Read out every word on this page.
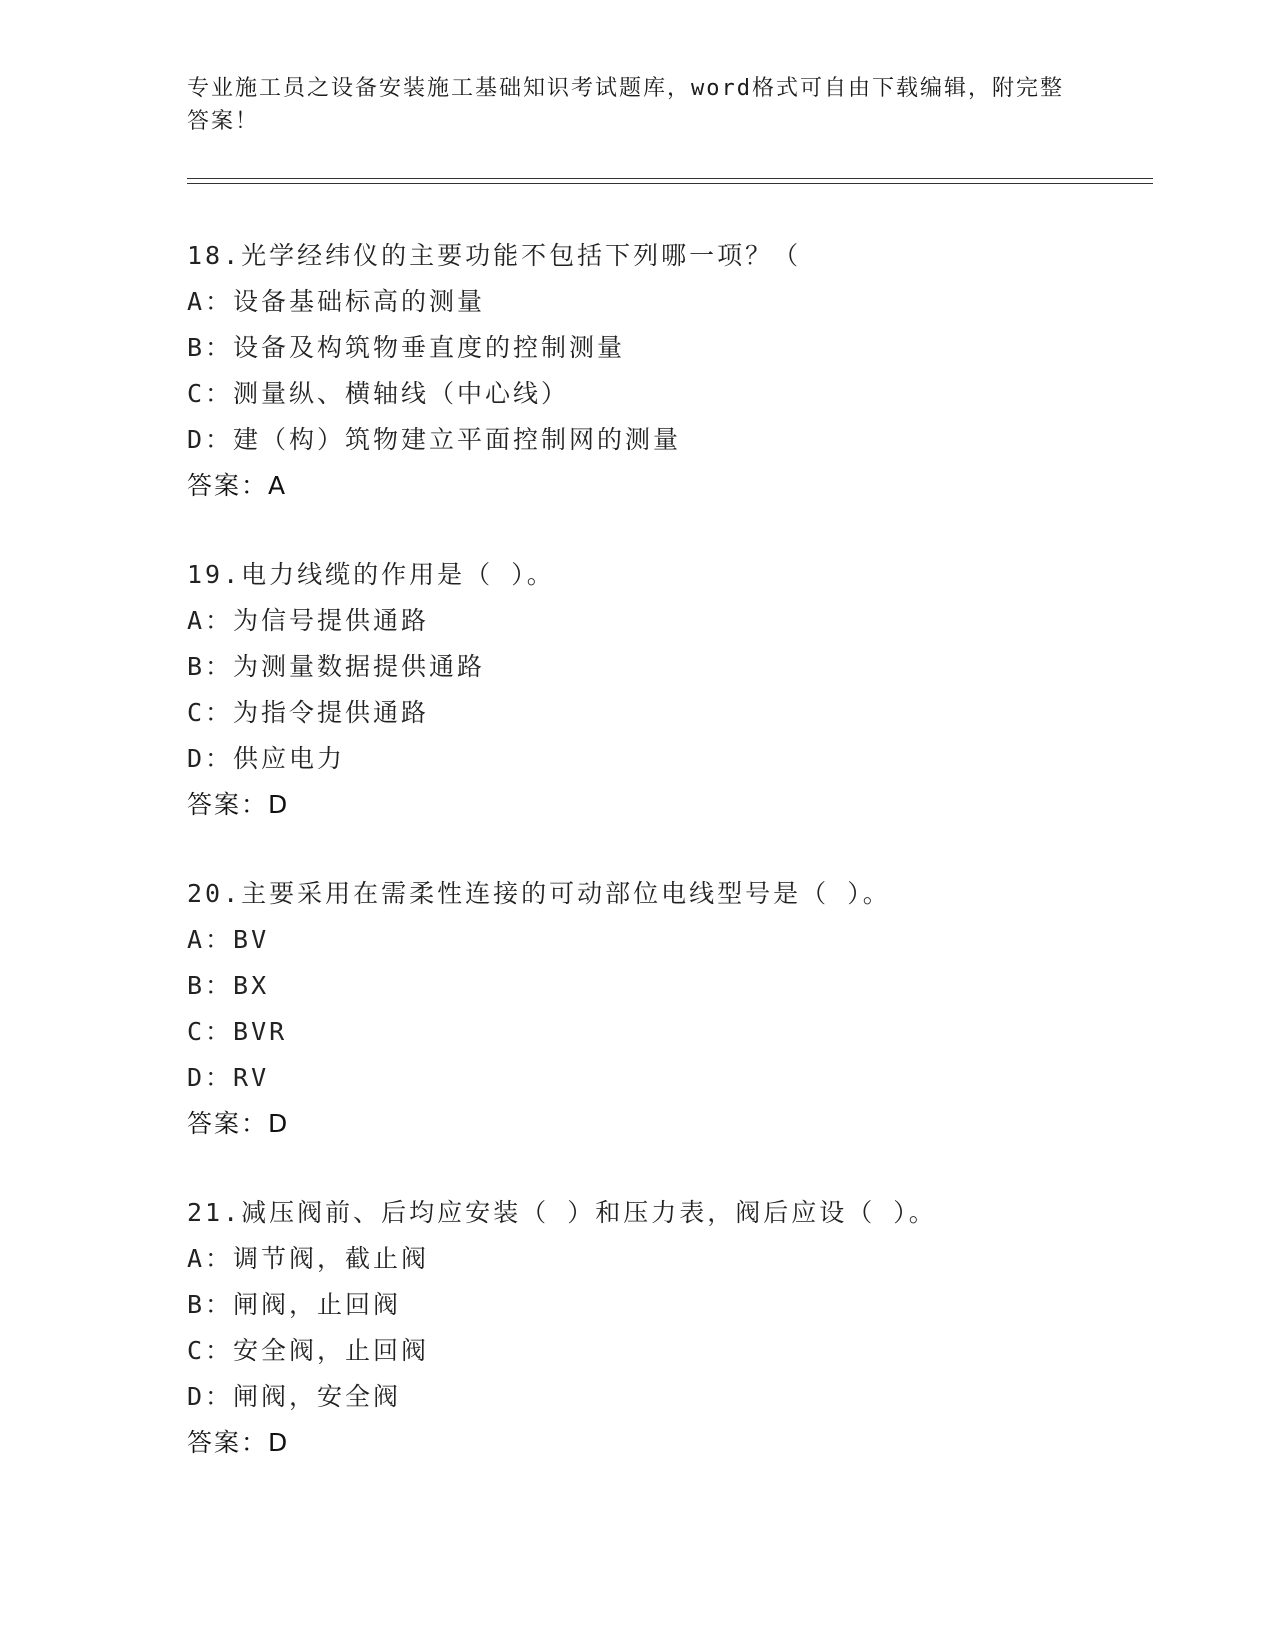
专业施工员之设备安装施工基础知识考试题库，word格式可自由下载编辑，附完整答案！
18.光学经纬仪的主要功能不包括下列哪一项？（
A：设备基础标高的测量
B：设备及构筑物垂直度的控制测量
C：测量纵、横轴线（中心线）
D：建（构）筑物建立平面控制网的测量
答案：A
19.电力线缆的作用是（ ）。
A：为信号提供通路
B：为测量数据提供通路
C：为指令提供通路
D：供应电力
答案：D
20.主要采用在需柔性连接的可动部位电线型号是（ ）。
A：BV
B：BX
C：BVR
D：RV
答案：D
21.减压阀前、后均应安装（ ）和压力表，阀后应设（ ）。
A：调节阀，截止阀
B：闸阀，止回阀
C：安全阀，止回阀
D：闸阀，安全阀
答案：D
